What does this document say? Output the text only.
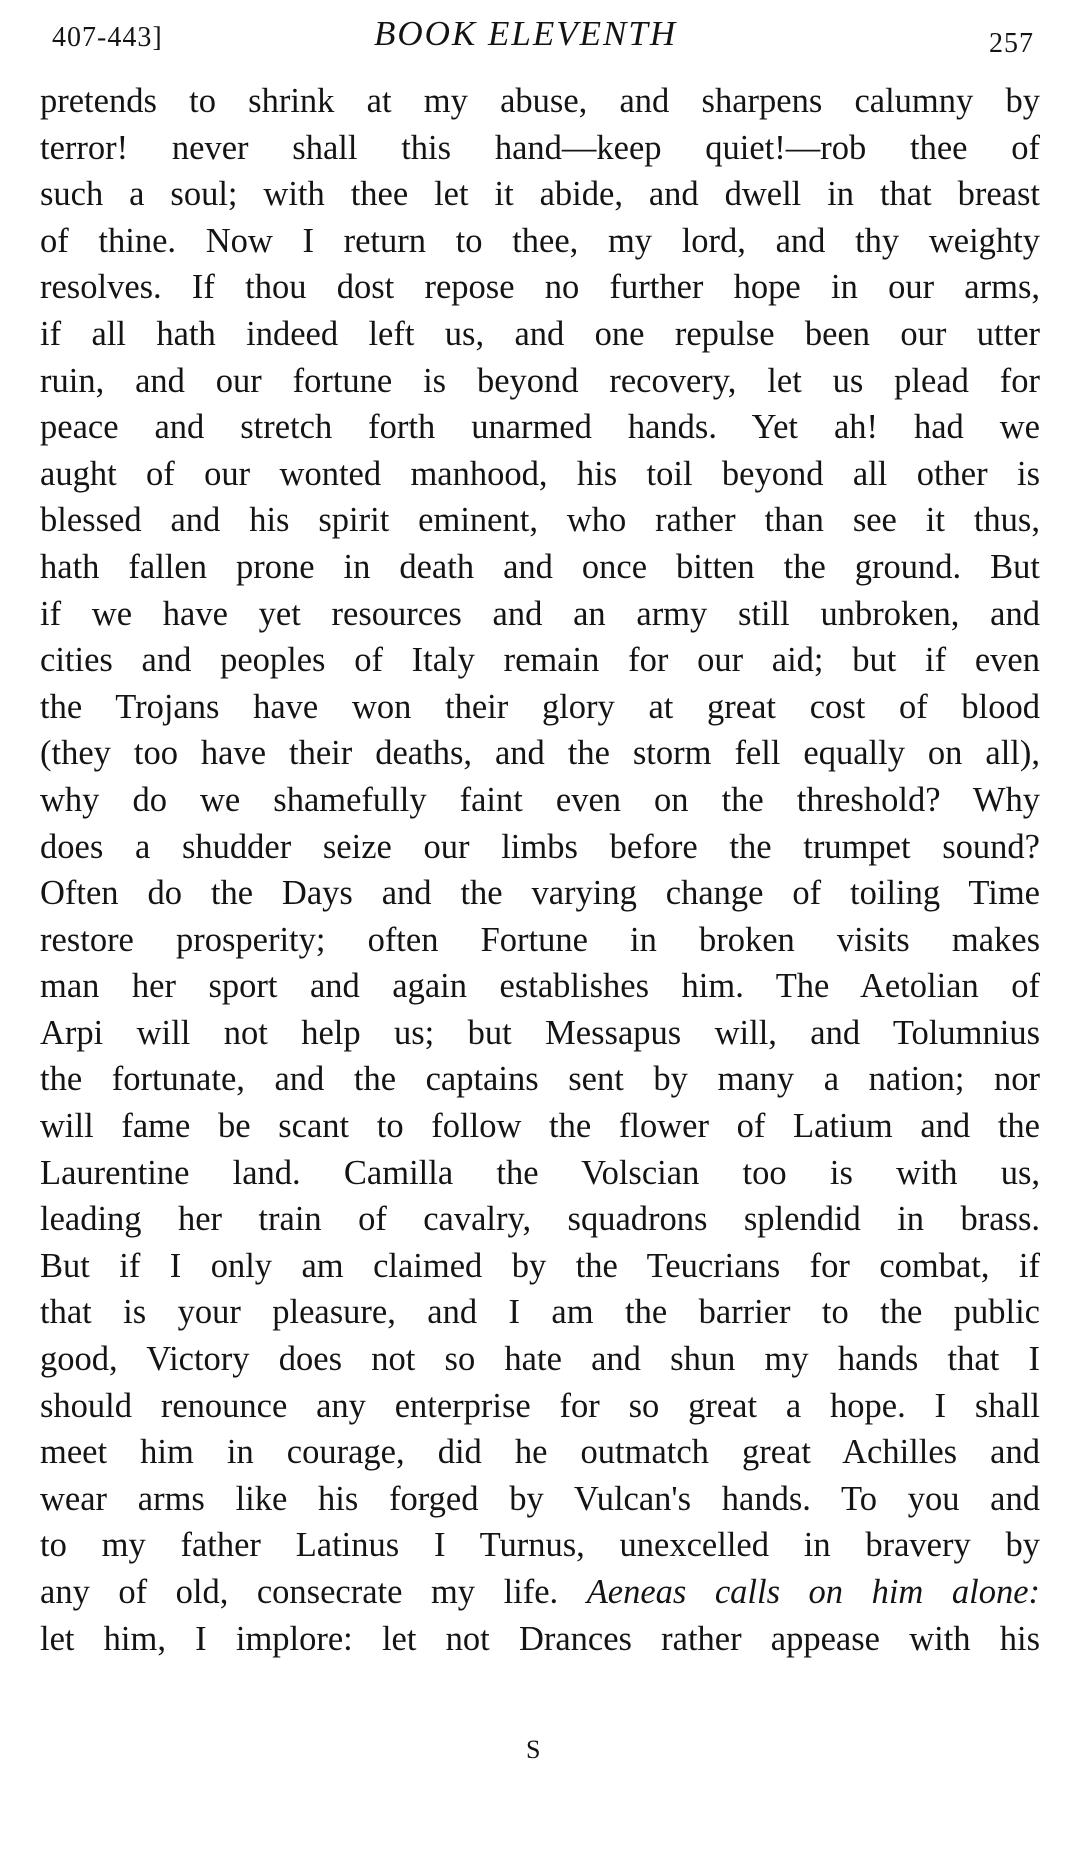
407-443]	BOOK ELEVENTH	257
pretends to shrink at my abuse, and sharpens calumny by
terror! never shall this hand—keep quiet!—rob thee of
such a soul; with thee let it abide, and dwell in that breast
of thine. Now I return to thee, my lord, and thy weighty
resolves. If thou dost repose no further hope in our arms,
if all hath indeed left us, and one repulse been our utter
ruin, and our fortune is beyond recovery, let us plead for
peace and stretch forth unarmed hands. Yet ah! had we
aught of our wonted manhood, his toil beyond all other is
blessed and his spirit eminent, who rather than see it thus,
hath fallen prone in death and once bitten the ground. But
if we have yet resources and an army still unbroken, and
cities and peoples of Italy remain for our aid; but if even
the Trojans have won their glory at great cost of blood
(they too have their deaths, and the storm fell equally on all),
why do we shamefully faint even on the threshold? Why
does a shudder seize our limbs before the trumpet sound?
Often do the Days and the varying change of toiling Time
restore prosperity; often Fortune in broken visits makes
man her sport and again establishes him. The Aetolian of
Arpi will not help us; but Messapus will, and Tolumnius
the fortunate, and the captains sent by many a nation; nor
will fame be scant to follow the flower of Latium and the
Laurentine land. Camilla the Volscian too is with us,
leading her train of cavalry, squadrons splendid in brass.
But if I only am claimed by the Teucrians for combat, if
that is your pleasure, and I am the barrier to the public
good, Victory does not so hate and shun my hands that I
should renounce any enterprise for so great a hope. I shall
meet him in courage, did he outmatch great Achilles and
wear arms like his forged by Vulcan's hands. To you and
to my father Latinus I Turnus, unexcelled in bravery by
any of old, consecrate my life. Aeneas calls on him alone:
let him, I implore: let not Drances rather appease with his
S
